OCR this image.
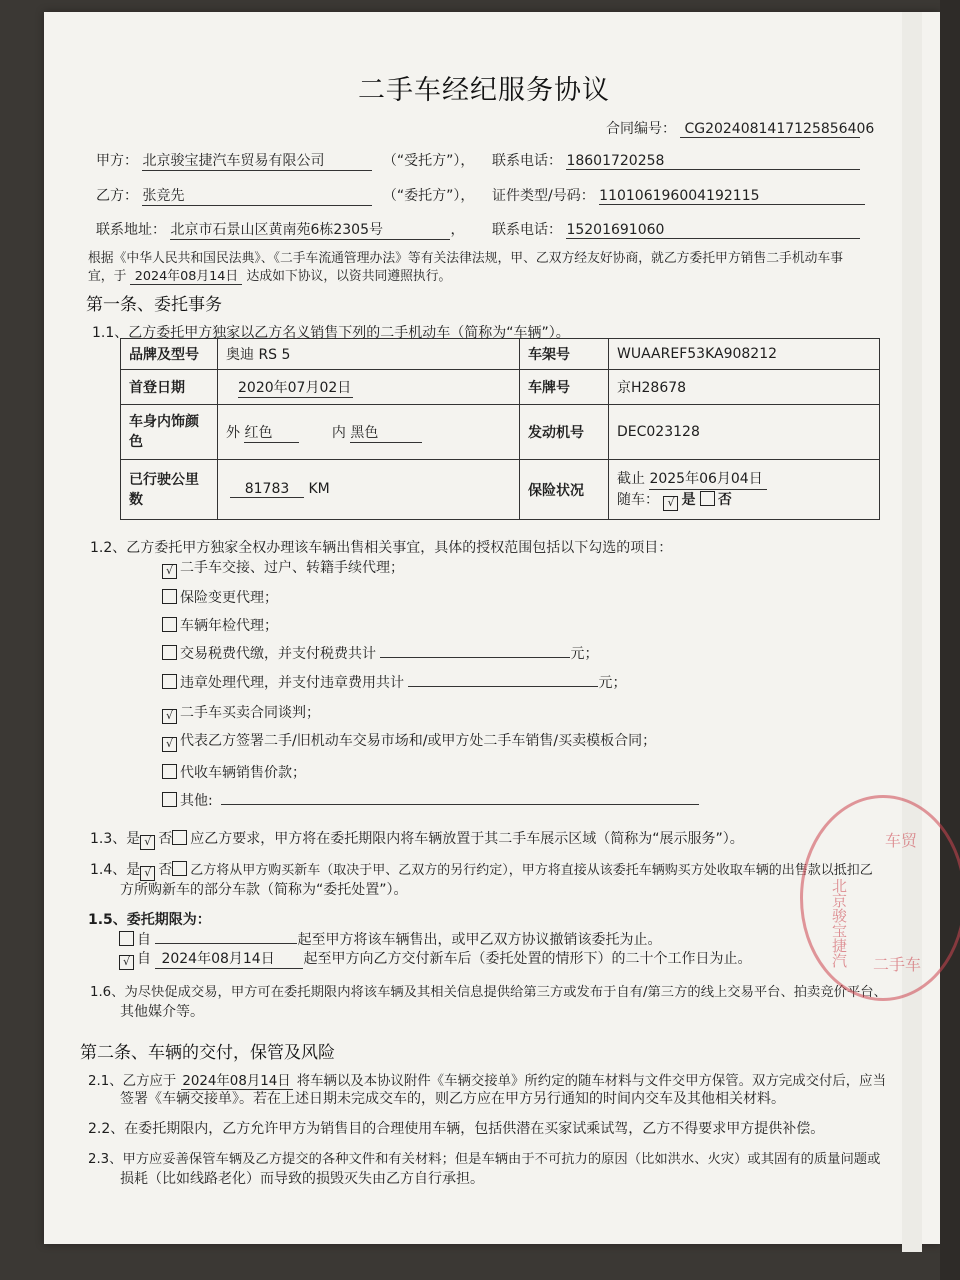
二手车经纪服务协议
合同编号： CG2024081417125856406
甲方： 北京骏宝捷汽车贸易有限公司	（“受托方”）， 联系电话： 18601720258
乙方： 张竞先	（“委托方”）， 证件类型/号码： 110106196004192115
联系地址： 北京市石景山区黄南苑6栋2305号	， 联系电话： 15201691060
根据《中华人民共和国民法典》、《二手车流通管理办法》等有关法律法规，甲、乙双方经友好协商，就乙方委托甲方销售二手机动车事
宜，于 2024年08月14日 达成如下协议，以资共同遵照执行。
第一条、委托事务
1.1、乙方委托甲方独家以乙方名义销售下列的二手机动车（简称为“车辆”）。
品牌及型号	奥迪 RS 5	车架号	WUAAREF53KA908212
首登日期	2020年07月02日	车牌号	京H28678
车身内饰颜色	外 红色 内 黑色	发动机号	DEC023128
已行驶公里数	81783 KM	保险状况	截止 2025年06月04日
随车： √ 是 否
1.2、乙方委托甲方独家全权办理该车辆出售相关事宜，具体的授权范围包括以下勾选的项目：
√ 二手车交接、过户、转籍手续代理；
保险变更代理；
车辆年检代理；
交易税费代缴，并支付税费共计	元；
违章处理代理，并支付违章费用共计	元；
√ 二手车买卖合同谈判；
√ 代表乙方签署二手/旧机动车交易市场和/或甲方处二手车销售/买卖模板合同；
代收车辆销售价款；
其他:
1.3、是 √ 否 应乙方要求，甲方将在委托期限内将车辆放置于其二手车展示区域（简称为“展示服务”）。
1.4、是 √ 否 乙方将从甲方购买新车（取决于甲、乙双方的另行约定），甲方将直接从该委托车辆购买方处收取车辆的出售款以抵扣乙
方所购新车的部分车款（简称为“委托处置”）。
1.5、委托期限为：
自	起至甲方将该车辆售出，或甲乙双方协议撤销该委托为止。
√ 自 2024年08月14日 起至甲方向乙方交付新车后（委托处置的情形下）的二十个工作日为止。
1.6、为尽快促成交易，甲方可在委托期限内将该车辆及其相关信息提供给第三方或发布于自有/第三方的线上交易平台、拍卖竞价平台、
其他媒介等。
第二条、车辆的交付，保管及风险
2.1、乙方应于 2024年08月14日 将车辆以及本协议附件《车辆交接单》所约定的随车材料与文件交甲方保管。双方完成交付后，应当
签署《车辆交接单》。若在上述日期未完成交车的，则乙方应在甲方另行通知的时间内交车及其他相关材料。
2.2、在委托期限内，乙方允许甲方为销售目的合理使用车辆，包括供潜在买家试乘试驾，乙方不得要求甲方提供补偿。
2.3、甲方应妥善保管车辆及乙方提交的各种文件和有关材料；但是车辆由于不可抗力的原因（比如洪水、火灾）或其固有的质量问题或
损耗（比如线路老化）而导致的损毁灭失由乙方自行承担。
车贸
北京骏宝捷汽 二手车
